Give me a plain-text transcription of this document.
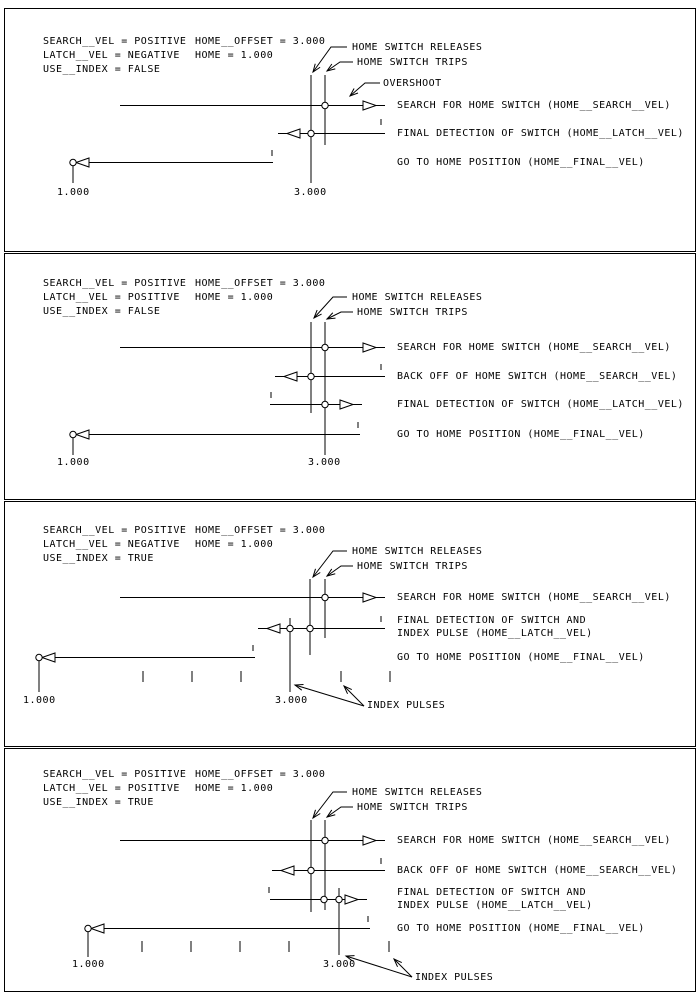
SEARCH__VEL = POSITIVE
LATCH__VEL = NEGATIVE
USE__INDEX = FALSE
HOME__OFFSET = 3.000
HOME = 1.000
HOME SWITCH RELEASES
HOME SWITCH TRIPS
OVERSHOOT
SEARCH FOR HOME SWITCH (HOME__SEARCH__VEL)
FINAL DETECTION OF SWITCH (HOME__LATCH__VEL)
GO TO HOME POSITION (HOME__FINAL__VEL)
1.000	3.000
SEARCH__VEL = POSITIVE
LATCH__VEL = POSITIVE
USE__INDEX = FALSE
HOME__OFFSET = 3.000
HOME = 1.000	HOME SWITCH RELEASES
HOME SWITCH TRIPS
SEARCH FOR HOME SWITCH (HOME__SEARCH__VEL)
BACK OFF OF HOME SWITCH (HOME__SEARCH__VEL)
FINAL DETECTION OF SWITCH (HOME__LATCH__VEL)
GO TO HOME POSITION (HOME__FINAL__VEL)
1.000	3.000
SEARCH__VEL = POSITIVE
LATCH__VEL = NEGATIVE
USE__INDEX = TRUE
HOME__OFFSET = 3.000
HOME = 1.000
HOME SWITCH RELEASES
HOME SWITCH TRIPS
SEARCH FOR HOME SWITCH (HOME__SEARCH__VEL)
FINAL DETECTION OF SWITCH AND
INDEX PULSE (HOME__LATCH__VEL)
GO TO HOME POSITION (HOME__FINAL__VEL)
1.000	3.000	INDEX PULSES
SEARCH__VEL = POSITIVE
LATCH__VEL = POSITIVE
USE__INDEX = TRUE
HOME__OFFSET = 3.000
HOME = 1.000	HOME SWITCH RELEASES
HOME SWITCH TRIPS
SEARCH FOR HOME SWITCH (HOME__SEARCH__VEL)
BACK OFF OF HOME SWITCH (HOME__SEARCH__VEL)
FINAL DETECTION OF SWITCH AND
INDEX PULSE (HOME__LATCH__VEL)
GO TO HOME POSITION (HOME__FINAL__VEL)
1.000	3.000
INDEX PULSES
